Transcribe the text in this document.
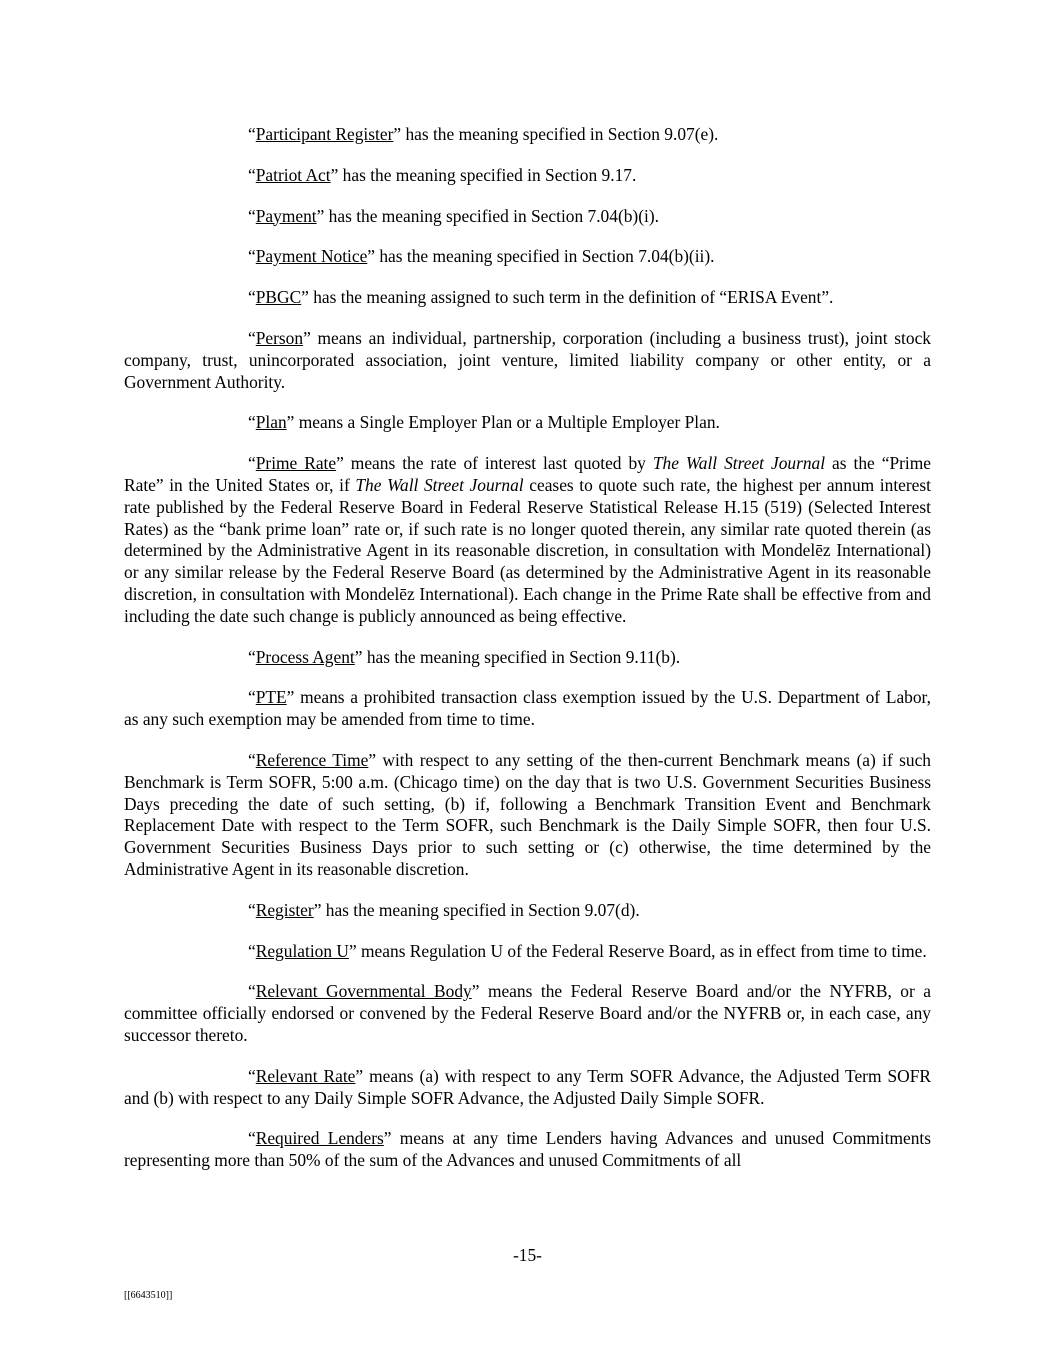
“Participant Register” has the meaning specified in Section 9.07(e).

“Patriot Act” has the meaning specified in Section 9.17.

“Payment” has the meaning specified in Section 7.04(b)(i).

“Payment Notice” has the meaning specified in Section 7.04(b)(ii).

“PBGC” has the meaning assigned to such term in the definition of “ERISA Event”.

“Person” means an individual, partnership, corporation (including a business trust), joint stock company, trust, unincorporated association, joint venture, limited liability company or other entity, or a Government Authority.

“Plan” means a Single Employer Plan or a Multiple Employer Plan.

“Prime Rate” means the rate of interest last quoted by The Wall Street Journal as the “Prime Rate” in the United States or, if The Wall Street Journal ceases to quote such rate, the highest per annum interest rate published by the Federal Reserve Board in Federal Reserve Statistical Release H.15 (519) (Selected Interest Rates) as the “bank prime loan” rate or, if such rate is no longer quoted therein, any similar rate quoted therein (as determined by the Administrative Agent in its reasonable discretion, in consultation with Mondelēz International) or any similar release by the Federal Reserve Board (as determined by the Administrative Agent in its reasonable discretion, in consultation with Mondelēz International). Each change in the Prime Rate shall be effective from and including the date such change is publicly announced as being effective.

“Process Agent” has the meaning specified in Section 9.11(b).

“PTE” means a prohibited transaction class exemption issued by the U.S. Department of Labor, as any such exemption may be amended from time to time.

“Reference Time” with respect to any setting of the then-current Benchmark means (a) if such Benchmark is Term SOFR, 5:00 a.m. (Chicago time) on the day that is two U.S. Government Securities Business Days preceding the date of such setting, (b) if, following a Benchmark Transition Event and Benchmark Replacement Date with respect to the Term SOFR, such Benchmark is the Daily Simple SOFR, then four U.S. Government Securities Business Days prior to such setting or (c) otherwise, the time determined by the Administrative Agent in its reasonable discretion.

“Register” has the meaning specified in Section 9.07(d).

“Regulation U” means Regulation U of the Federal Reserve Board, as in effect from time to time.

“Relevant Governmental Body” means the Federal Reserve Board and/or the NYFRB, or a committee officially endorsed or convened by the Federal Reserve Board and/or the NYFRB or, in each case, any successor thereto.

“Relevant Rate” means (a) with respect to any Term SOFR Advance, the Adjusted Term SOFR and (b) with respect to any Daily Simple SOFR Advance, the Adjusted Daily Simple SOFR.

“Required Lenders” means at any time Lenders having Advances and unused Commitments representing more than 50% of the sum of the Advances and unused Commitments of all

-15-
[[6643510]]
